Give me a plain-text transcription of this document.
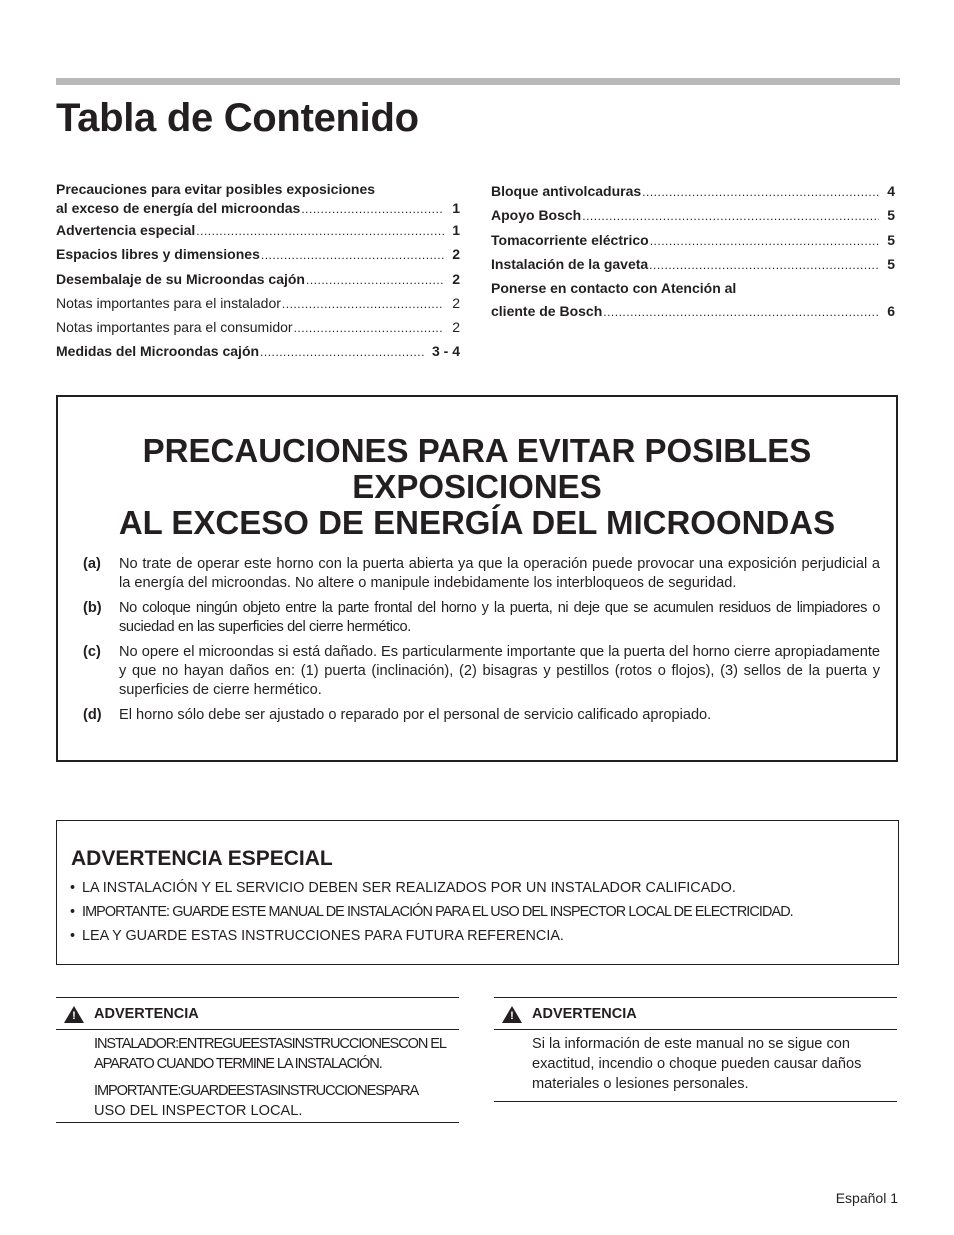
Tabla de Contenido
Precauciones para evitar posibles exposiciones
al exceso de energía del microondas .....	1
Advertencia especial .....	1
Espacios libres y dimensiones .....	2
Desembalaje de su Microondas cajón .....	2
Notas importantes para el instalador .....	2
Notas importantes para el consumidor .....	2
Medidas del Microondas cajón .....	3 - 4
Bloque antivolcaduras .....	4
Apoyo Bosch .....	5
Tomacorriente eléctrico .....	5
Instalación de la gaveta .....	5
Ponerse en contacto con Atención al
cliente de Bosch .....	6
PRECAUCIONES PARA EVITAR POSIBLES
EXPOSICIONES
AL EXCESO DE ENERGÍA DEL MICROONDAS
(a)	No trate de operar este horno con la puerta abierta ya que la operación puede provocar una exposición perjudicial a la energía del microondas. No altere o manipule indebidamente los interbloqueos de seguridad.
(b)	No coloque ningún objeto entre la parte frontal del horno y la puerta, ni deje que se acumulen residuos de limpiadores o suciedad en las superficies del cierre hermético.
(c)	No opere el microondas si está dañado. Es particularmente importante que la puerta del horno cierre apropiadamente y que no hayan daños en: (1) puerta (inclinación), (2) bisagras y pestillos (rotos o flojos), (3) sellos de la puerta y superficies de cierre hermético.
(d)	El horno sólo debe ser ajustado o reparado por el personal de servicio calificado apropiado.
ADVERTENCIA ESPECIAL
• LA INSTALACIÓN Y EL SERVICIO DEBEN SER REALIZADOS POR UN INSTALADOR CALIFICADO.
• IMPORTANTE: GUARDE ESTE MANUAL DE INSTALACIÓN PARA EL USO DEL INSPECTOR LOCAL DE ELECTRICIDAD.
• LEA Y GUARDE ESTAS INSTRUCCIONES PARA FUTURA REFERENCIA.
! ADVERTENCIA

INSTALADOR:ENTREGUEESTASINSTRUCCIONESCON EL APARATO CUANDO TERMINE LA INSTALACIÓN.

IMPORTANTE:GUARDEESTASINSTRUCCIONESPARA
USO DEL INSPECTOR LOCAL.

! ADVERTENCIA

Si la información de este manual no se sigue con exactitud, incendio o choque pueden causar daños materiales o lesiones personales.

Español 1
